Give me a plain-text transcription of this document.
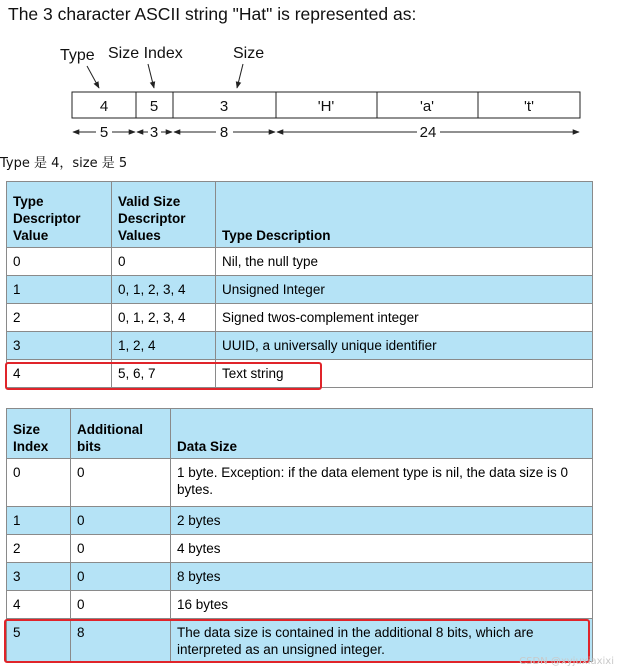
The 3 character ASCII string "Hat" is represented as:
Type Size Index	Size
4	5	3	'H'	'a'	't'
5	3	8	24
Type 是 4，size 是 5
Type Descriptor Value	Valid Size Descriptor Values	Type Description
0	0	Nil, the null type
1	0, 1, 2, 3, 4	Unsigned Integer
2	0, 1, 2, 3, 4	Signed twos-complement integer
3	1, 2, 4	UUID, a universally unique identifier
4	5, 6, 7	Text string
Size Index	Additional bits	Data Size
0	0	1 byte. Exception: if the data element type is nil, the data size is 0 bytes.
1	0	2 bytes
2	0	4 bytes
3	0	8 bytes
4	0	16 bytes
5	8	The data size is contained in the additional 8 bits, which are interpreted as an unsigned integer.
CSDN @xyjuxiaxixi
